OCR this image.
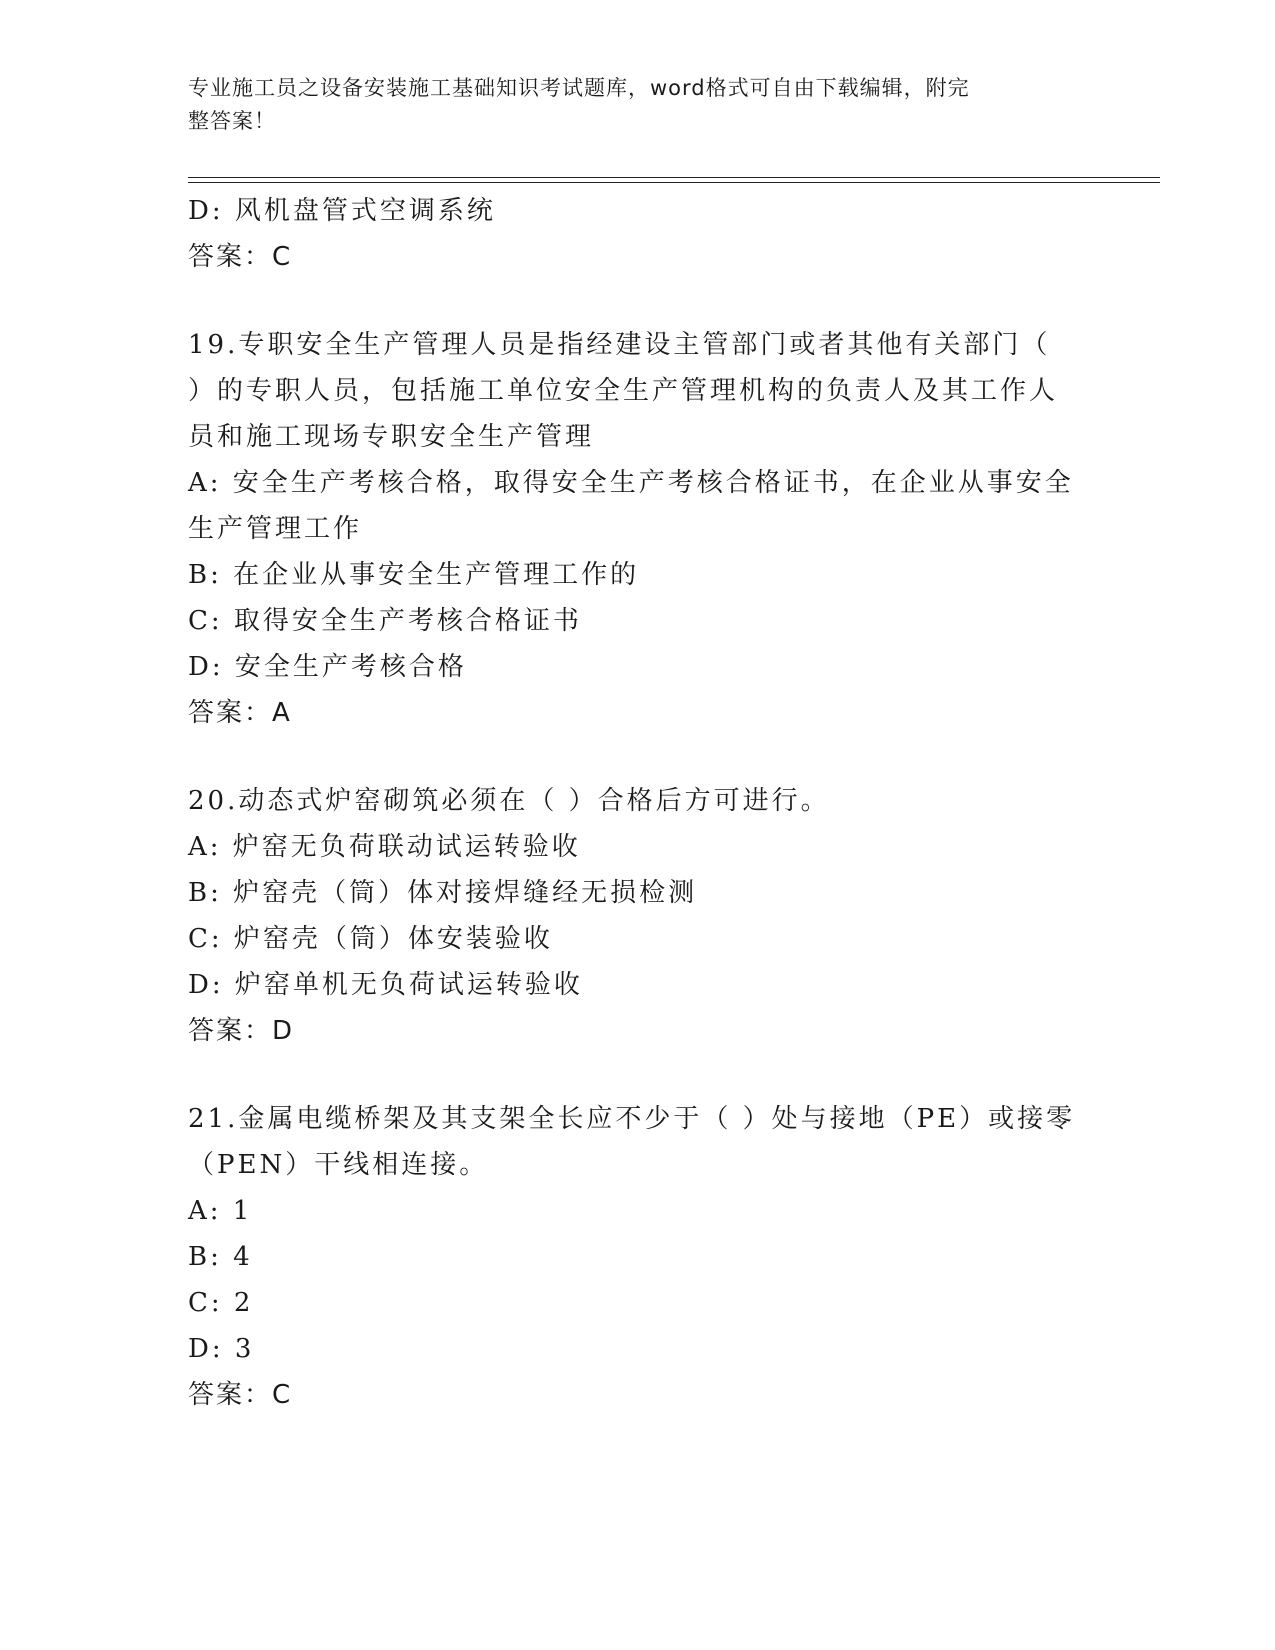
专业施工员之设备安装施工基础知识考试题库，word格式可自由下载编辑，附完
整答案！
D: 风机盘管式空调系统
答案：C
19.专职安全生产管理人员是指经建设主管部门或者其他有关部门（
）的专职人员，包括施工单位安全生产管理机构的负责人及其工作人
员和施工现场专职安全生产管理
A: 安全生产考核合格，取得安全生产考核合格证书，在企业从事安全
生产管理工作
B: 在企业从事安全生产管理工作的
C: 取得安全生产考核合格证书
D: 安全生产考核合格
答案：A
20.动态式炉窑砌筑必须在（ ）合格后方可进行。
A: 炉窑无负荷联动试运转验收
B: 炉窑壳（筒）体对接焊缝经无损检测
C: 炉窑壳（筒）体安装验收
D: 炉窑单机无负荷试运转验收
答案：D
21.金属电缆桥架及其支架全长应不少于（ ）处与接地（PE）或接零
（PEN）干线相连接。
A: 1
B: 4
C: 2
D: 3
答案：C
